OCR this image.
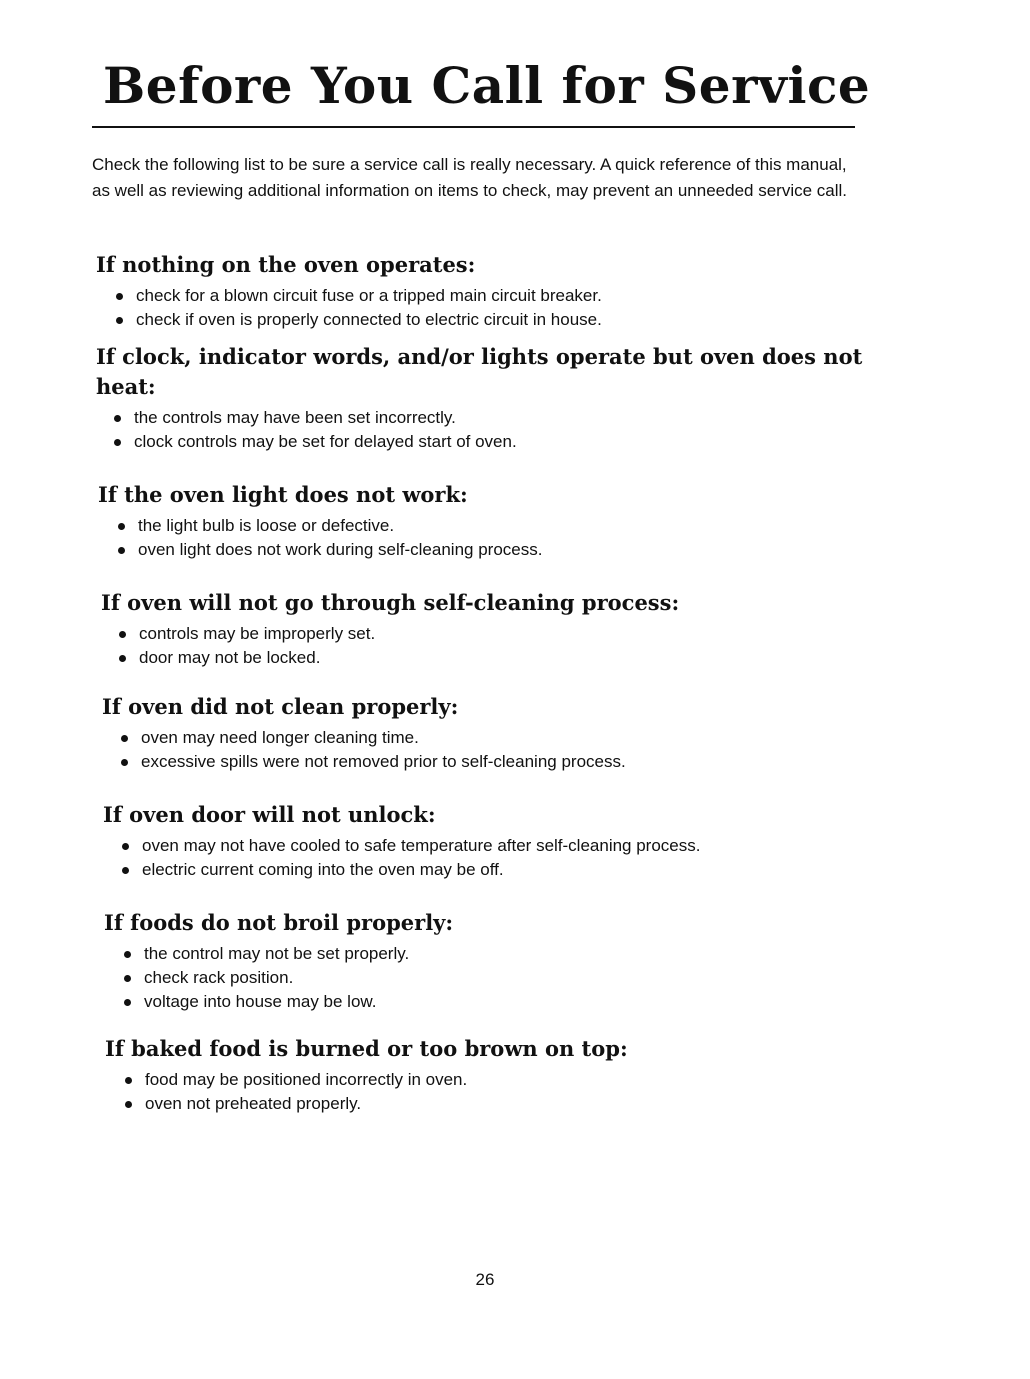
Before You Call for Service

Check the following list to be sure a service call is really necessary. A quick reference of this manual, as well as reviewing additional information on items to check, may prevent an unneeded service call.

If nothing on the oven operates:
check for a blown circuit fuse or a tripped main circuit breaker.
check if oven is properly connected to electric circuit in house.
If clock, indicator words, and/or lights operate but oven does not heat:
the controls may have been set incorrectly.
clock controls may be set for delayed start of oven.
If the oven light does not work:
the light bulb is loose or defective.
oven light does not work during self-cleaning process.
If oven will not go through self-cleaning process:
controls may be improperly set.
door may not be locked.
If oven did not clean properly:
oven may need longer cleaning time.
excessive spills were not removed prior to self-cleaning process.
If oven door will not unlock:
oven may not have cooled to safe temperature after self-cleaning process.
electric current coming into the oven may be off.
If foods do not broil properly:
the control may not be set properly.
check rack position.
voltage into house may be low.
If baked food is burned or too brown on top:
food may be positioned incorrectly in oven.
oven not preheated properly.
26
